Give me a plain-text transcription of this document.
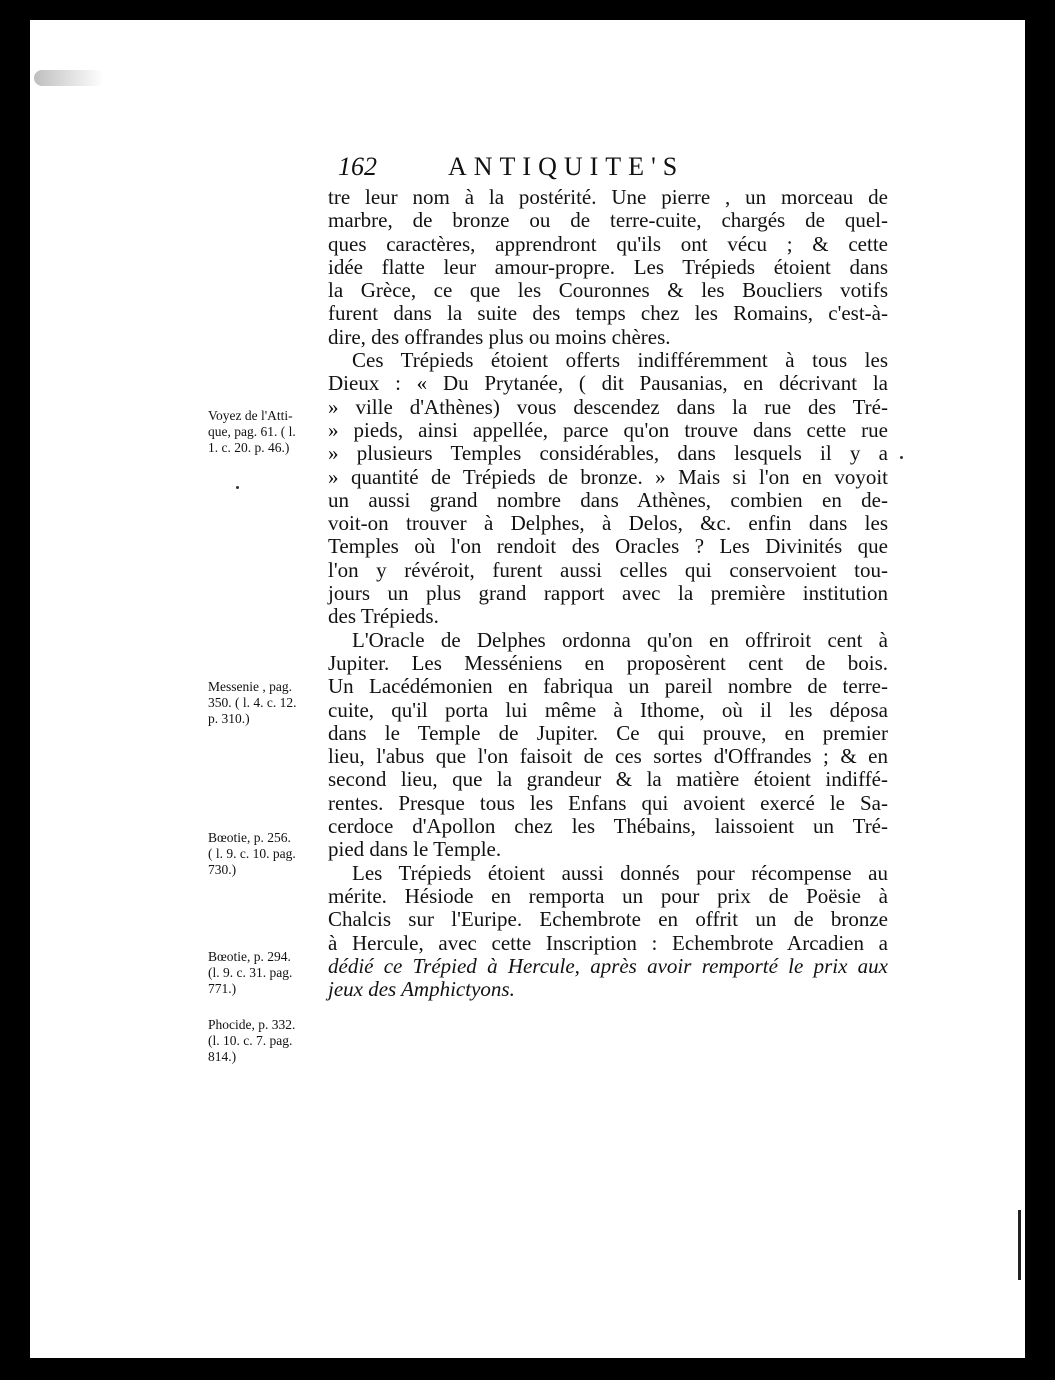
162	ANTIQUITE'S
Voyez de l'Atti-
que, pag. 61. ( l.
1. c. 20. p. 46.)
Messenie , pag.
350. ( l. 4. c. 12.
p. 310.)
Bœotie, p. 256.
( l. 9. c. 10. pag.
730.)
Bœotie, p. 294.
(l. 9. c. 31. pag.
771.)
Phocide, p. 332.
(l. 10. c. 7. pag.
814.)
tre leur nom à la postérité. Une pierre , un morceau de
marbre, de bronze ou de terre-cuite, chargés de quel-
ques caractères, apprendront qu'ils ont vécu ; & cette
idée flatte leur amour-propre. Les Trépieds étoient dans
la Grèce, ce que les Couronnes & les Boucliers votifs
furent dans la suite des temps chez les Romains, c'est-à-
dire, des offrandes plus ou moins chères.
Ces Trépieds étoient offerts indifféremment à tous les
Dieux : « Du Prytanée, ( dit Pausanias, en décrivant la
» ville d'Athènes) vous descendez dans la rue des Tré-
» pieds, ainsi appellée, parce qu'on trouve dans cette rue
» plusieurs Temples considérables, dans lesquels il y a
» quantité de Trépieds de bronze. » Mais si l'on en voyoit
un aussi grand nombre dans Athènes, combien en de-
voit-on trouver à Delphes, à Delos, &c. enfin dans les
Temples où l'on rendoit des Oracles ? Les Divinités que
l'on y révéroit, furent aussi celles qui conservoient tou-
jours un plus grand rapport avec la première institution
des Trépieds.
L'Oracle de Delphes ordonna qu'on en offriroit cent à
Jupiter. Les Messéniens en proposèrent cent de bois.
Un Lacédémonien en fabriqua un pareil nombre de terre-
cuite, qu'il porta lui même à Ithome, où il les déposa
dans le Temple de Jupiter. Ce qui prouve, en premier
lieu, l'abus que l'on faisoit de ces sortes d'Offrandes ; & en
second lieu, que la grandeur & la matière étoient indiffé-
rentes. Presque tous les Enfans qui avoient exercé le Sa-
cerdoce d'Apollon chez les Thébains, laissoient un Tré-
pied dans le Temple.
Les Trépieds étoient aussi donnés pour récompense au
mérite. Hésiode en remporta un pour prix de Poësie à
Chalcis sur l'Euripe. Echembrote en offrit un de bronze
à Hercule, avec cette Inscription : Echembrote Arcadien a
dédié ce Trépied à Hercule, après avoir remporté le prix aux
jeux des Amphictyons.
